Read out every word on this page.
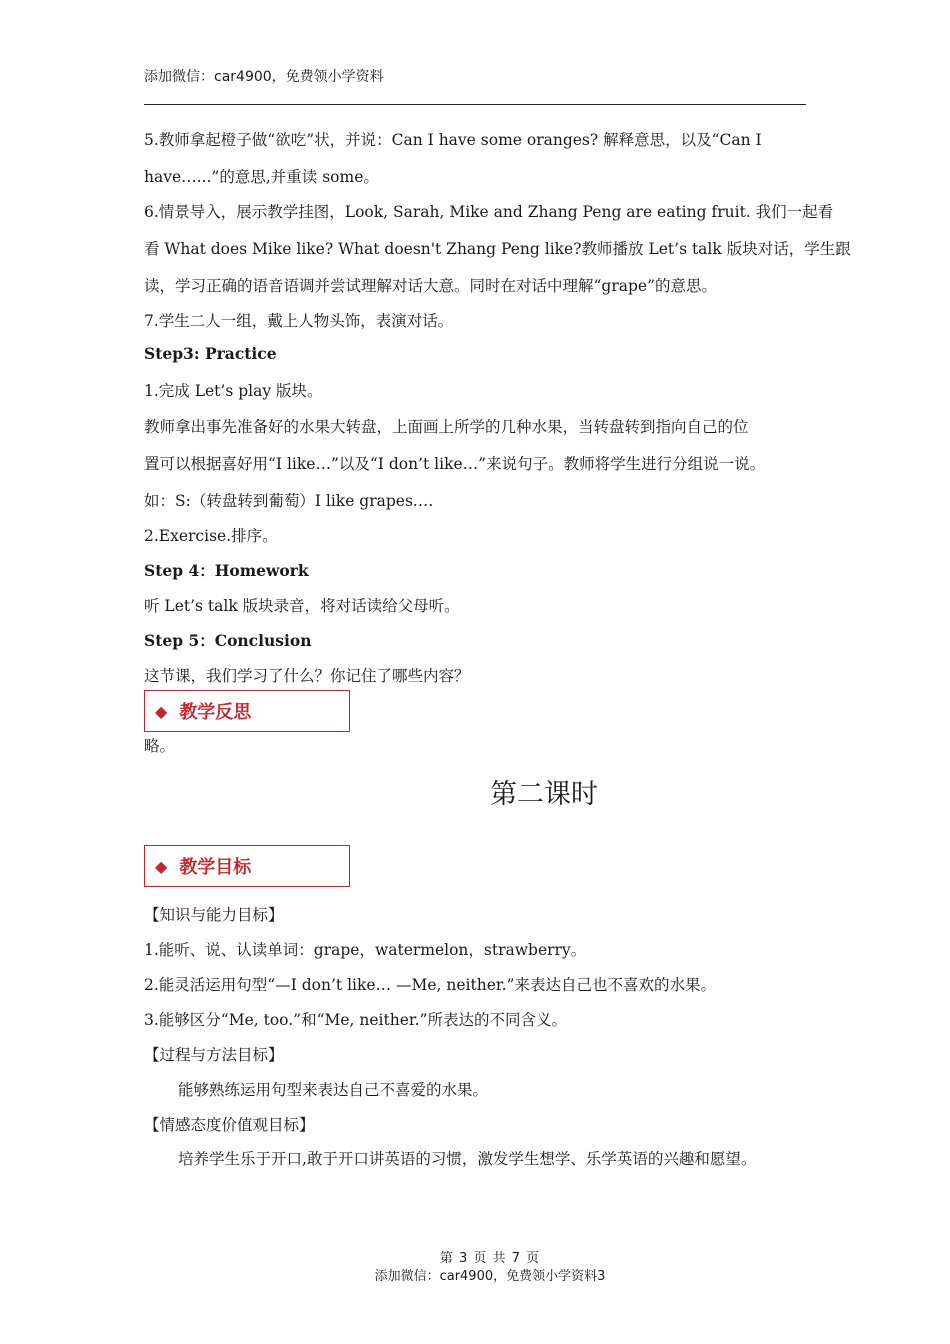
添加微信：car4900，免费领小学资料
5.教师拿起橙子做“欲吃”状，并说：Can I have some oranges? 解释意思，以及“Can I
have…...”的意思,并重读 some。
6.情景导入，展示教学挂图，Look, Sarah, Mike and Zhang Peng are eating fruit. 我们一起看
看 What does Mike like? What doesn't Zhang Peng like?教师播放 Let’s talk 版块对话，学生跟
读，学习正确的语音语调并尝试理解对话大意。同时在对话中理解“grape”的意思。
7.学生二人一组，戴上人物头饰，表演对话。
Step3: Practice
1.完成 Let’s play 版块。
教师拿出事先准备好的水果大转盘，上面画上所学的几种水果，当转盘转到指向自己的位
置可以根据喜好用“I like…”以及“I don’t like…”来说句子。教师将学生进行分组说一说。
如：S:（转盘转到葡萄）I like grapes.…
2.Exercise.排序。
Step 4：Homework
听 Let’s talk 版块录音，将对话读给父母听。
Step 5：Conclusion
这节课，我们学习了什么？你记住了哪些内容？
◆ 教学反思
略。
第二课时
◆ 教学目标
【知识与能力目标】
1.能听、说、认读单词：grape，watermelon，strawberry。
2.能灵活运用句型“—I don’t like… —Me, neither.”来表达自己也不喜欢的水果。
3.能够区分“Me, too.”和“Me, neither.”所表达的不同含义。
【过程与方法目标】
能够熟练运用句型来表达自己不喜爱的水果。
【情感态度价值观目标】
培养学生乐于开口,敢于开口讲英语的习惯，激发学生想学、乐学英语的兴趣和愿望。
第 3 页 共 7 页
添加微信：car4900，免费领小学资料3
